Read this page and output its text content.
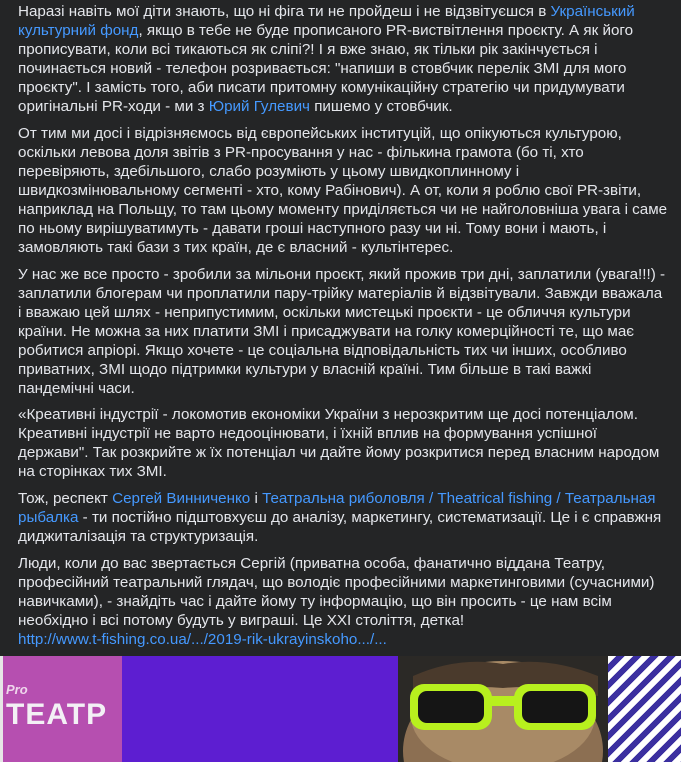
Наразі навіть мої діти знають, що ні фіга ти не пройдеш і не відзвітуєшся в Український культурний фонд, якщо в тебе не буде прописаного PR-виствітлення проєкту. А як його прописувати, коли всі тикаються як сліпі?! І я вже знаю, як тільки рік закінчується і починається новий - телефон розривається: "напиши в стовбчик перелік ЗМІ для мого проєкту". І замість того, аби писати притомну комунікаційну стратегію чи придумувати оригінальні PR-ходи - ми з Юрий Гулевич пишемо у стовбчик.

От тим ми досі і відрізняємось від європейських інституцій, що опікуються культурою, оскільки левова доля звітів з PR-просування у нас - фількина грамота (бо ті, хто перевіряють, здебільшого, слабо розуміють у цьому швидкоплинному і швидкозмінювальному сегменті - хто, кому Рабінович). А от, коли я роблю свої PR-звіти, наприклад на Польщу, то там цьому моменту приділяється чи не найголовніша увага і саме по ньому вирішуватимуть - давати гроші наступного разу чи ні. Тому вони і мають, і замовляють такі бази з тих країн, де є власний - культінтерес.

У нас же все просто - зробили за мільони проєкт, який прожив три дні, заплатили (увага!!!) - заплатили блогерам чи проплатили пару-трійку матеріалів й відзвітували. Завжди вважала і вважаю цей шлях - неприпустимим, оскільки мистецькі проєкти - це обличчя культури країни. Не можна за них платити ЗМІ і присаджувати на голку комерційності те, що має робитися апріорі. Якщо хочете - це соціальна відповідальність тих чи інших, особливо приватних, ЗМІ щодо підтримки культури у власній країні. Тим більше в такі важкі пандемічні часи.

«Креативні індустрії - локомотив економіки України з нерозкритим ще досі потенціалом. Креативні індустрії не варто недооцінювати, і їхній вплив на формування успішної держави". Так розкрийте ж їх потенціал чи дайте йому розкритися перед власним народом на сторінках тих ЗМІ.

Тож, респект Сергей Винниченко і Театральна риболовля / Theatrical fishing / Театральная рыбалка - ти постійно підштовхуєш до аналізу, маркетингу, систематизації. Це і є справжня диджиталізація та структуризація.

Люди, коли до вас звертається Сергій (приватна особа, фанатично віддана Театру, професійний театральний глядач, що володіє професійними маркетинговими (сучасними) навичками), - знайдіть час і дайте йому ту інформацію, що він просить - це нам всім необхідно і всі потому будуть у виграші. Це ХХІ століття, детка!
http://www.t-fishing.co.ua/.../2019-rik-ukrayinskoho.../...

Pro
TEATP
